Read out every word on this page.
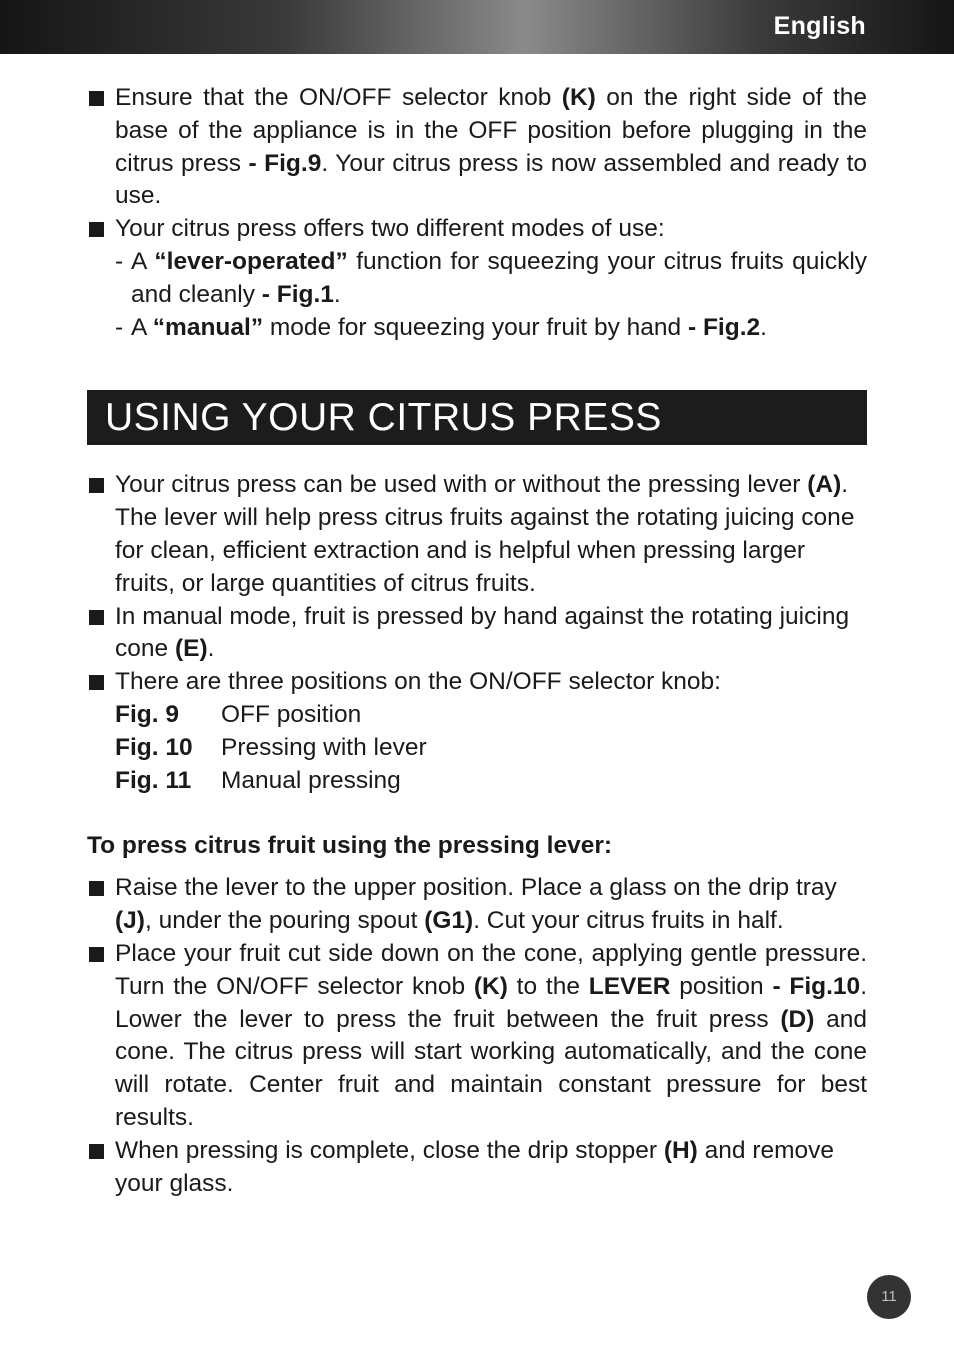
English

Ensure that the ON/OFF selector knob (K) on the right side of the base of the appliance is in the OFF position before plugging in the citrus press - Fig.9. Your citrus press is now assembled and ready to use.

Your citrus press offers two different modes of use:

- A “lever-operated” function for squeezing your citrus fruits quickly and cleanly - Fig.1.

- A “manual” mode for squeezing your fruit by hand - Fig.2.

USING YOUR CITRUS PRESS

Your citrus press can be used with or without the pressing lever (A). The lever will help press citrus fruits against the rotating juicing cone for clean, efficient extraction and is helpful when pressing larger fruits, or large quantities of citrus fruits.

In manual mode, fruit is pressed by hand against the rotating juicing cone (E).

There are three positions on the ON/OFF selector knob:

Fig. 9	OFF position
Fig. 10	Pressing with lever
Fig. 11	Manual pressing
To press citrus fruit using the pressing lever:

Raise the lever to the upper position. Place a glass on the drip tray (J), under the pouring spout (G1). Cut your citrus fruits in half.

Place your fruit cut side down on the cone, applying gentle pressure. Turn the ON/OFF selector knob (K) to the LEVER position - Fig.10. Lower the lever to press the fruit between the fruit press (D) and cone. The citrus press will start working automatically, and the cone will rotate. Center fruit and maintain constant pressure for best results.

When pressing is complete, close the drip stopper (H) and remove your glass.

11
